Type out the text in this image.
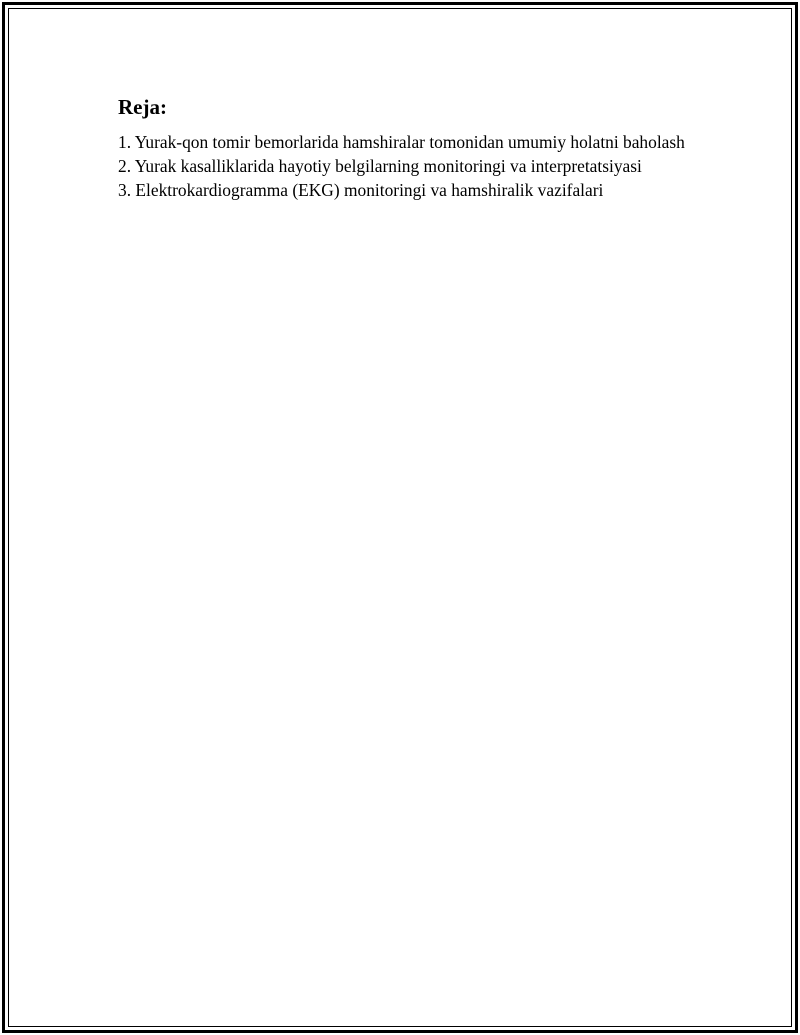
Reja:
1. Yurak-qon tomir bemorlarida hamshiralar tomonidan umumiy holatni baholash
2. Yurak kasalliklarida hayotiy belgilarning monitoringi va interpretatsiyasi
3. Elektrokardiogramma (EKG) monitoringi va hamshiralik vazifalari
